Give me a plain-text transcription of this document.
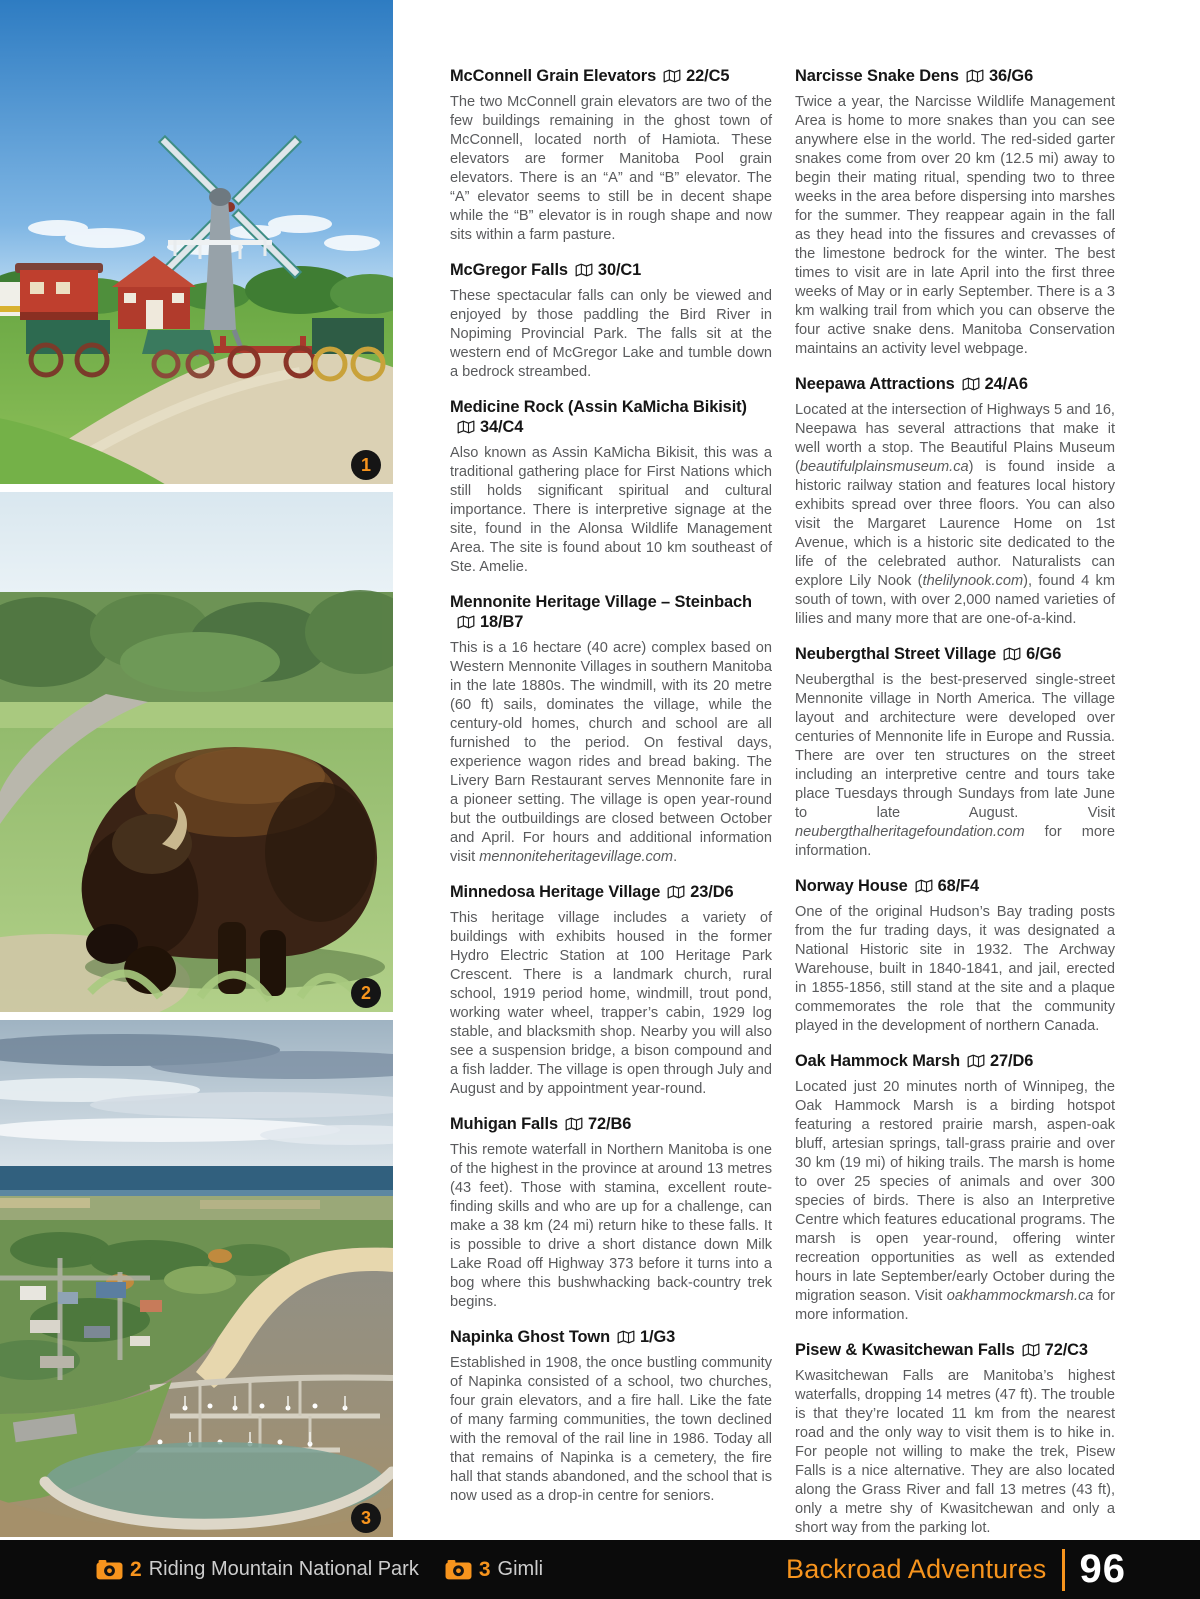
1
2
3
McConnell Grain Elevators 22/C5

The two McConnell grain elevators are two of the few buildings remaining in the ghost town of McConnell, located north of Hamiota. These elevators are former Manitoba Pool grain elevators. There is an “A” and “B” elevator. The “A” elevator seems to still be in decent shape while the “B” elevator is in rough shape and now sits within a farm pasture.

McGregor Falls 30/C1

These spectacular falls can only be viewed and enjoyed by those paddling the Bird River in Nopiming Provincial Park. The falls sit at the western end of McGregor Lake and tumble down a bedrock streambed.

Medicine Rock (Assin KaMicha Bikisit)34/C4

Also known as Assin KaMicha Bikisit, this was a traditional gathering place for First Nations which still holds significant spiritual and cultural importance. There is interpretive signage at the site, found in the Alonsa Wildlife Management Area. The site is found about 10 km southeast of Ste. Amelie.

Mennonite Heritage Village – Steinbach18/B7

This is a 16 hectare (40 acre) complex based on Western Mennonite Villages in southern Manitoba in the late 1880s. The windmill, with its 20 metre (60 ft) sails, dominates the village, while the century-old homes, church and school are all furnished to the period. On festival days, experience wagon rides and bread baking. The Livery Barn Restaurant serves Mennonite fare in a pioneer setting. The village is open year-round but the outbuildings are closed between October and April. For hours and additional information visit mennoniteheritagevillage.com.

Minnedosa Heritage Village 23/D6

This heritage village includes a variety of buildings with exhibits housed in the former Hydro Electric Station at 100 Heritage Park Crescent. There is a landmark church, rural school, 1919 period home, windmill, trout pond, working water wheel, trapper’s cabin, 1929 log stable, and blacksmith shop. Nearby you will also see a suspension bridge, a bison compound and a fish ladder. The village is open through July and August and by appointment year-round.

Muhigan Falls 72/B6

This remote waterfall in Northern Manitoba is one of the highest in the province at around 13 metres (43 feet). Those with stamina, excellent route-finding skills and who are up for a challenge, can make a 38 km (24 mi) return hike to these falls. It is possible to drive a short distance down Milk Lake Road off Highway 373 before it turns into a bog where this bushwhacking back-country trek begins.

Napinka Ghost Town 1/G3

Established in 1908, the once bustling community of Napinka consisted of a school, two churches, four grain elevators, and a fire hall. Like the fate of many farming communities, the town declined with the removal of the rail line in 1986. Today all that remains of Napinka is a cemetery, the fire hall that stands abandoned, and the school that is now used as a drop-in centre for seniors.

Narcisse Snake Dens 36/G6

Twice a year, the Narcisse Wildlife Management Area is home to more snakes than you can see anywhere else in the world. The red-sided garter snakes come from over 20 km (12.5 mi) away to begin their mating ritual, spending two to three weeks in the area before dispersing into marshes for the summer. They reappear again in the fall as they head into the fissures and crevasses of the limestone bedrock for the winter. The best times to visit are in late April into the first three weeks of May or in early September. There is a 3 km walking trail from which you can observe the four active snake dens. Manitoba Conservation maintains an activity level webpage.

Neepawa Attractions 24/A6

Located at the intersection of Highways 5 and 16, Neepawa has several attractions that make it well worth a stop. The Beautiful Plains Museum (beautifulplainsmuseum.ca) is found inside a historic railway station and features local history exhibits spread over three floors. You can also visit the Margaret Laurence Home on 1st Avenue, which is a historic site dedicated to the life of the celebrated author. Naturalists can explore Lily Nook (thelilynook.com), found 4 km south of town, with over 2,000 named varieties of lilies and many more that are one-of-a-kind.

Neubergthal Street Village 6/G6

Neubergthal is the best-preserved single-street Mennonite village in North America. The village layout and architecture were developed over centuries of Mennonite life in Europe and Russia. There are over ten structures on the street including an interpretive centre and tours take place Tuesdays through Sundays from late June to late August. Visit neubergthalheritagefoundation.com for more information.

Norway House 68/F4

One of the original Hudson’s Bay trading posts from the fur trading days, it was designated a National Historic site in 1932. The Archway Warehouse, built in 1840-1841, and jail, erected in 1855-1856, still stand at the site and a plaque commemorates the role that the community played in the development of northern Canada.

Oak Hammock Marsh 27/D6

Located just 20 minutes north of Winnipeg, the Oak Hammock Marsh is a birding hotspot featuring a restored prairie marsh, aspen-oak bluff, artesian springs, tall-grass prairie and over 30 km (19 mi) of hiking trails. The marsh is home to over 25 species of animals and over 300 species of birds. There is also an Interpretive Centre which features educational programs. The marsh is open year-round, offering winter recreation opportunities as well as extended hours in late September/early October during the migration season. Visit oakhammockmarsh.ca for more information.

Pisew & Kwasitchewan Falls 72/C3

Kwasitchewan Falls are Manitoba’s highest waterfalls, dropping 14 metres (47 ft). The trouble is that they’re located 11 km from the nearest road and the only way to visit them is to hike in. For people not willing to make the trek, Pisew Falls is a nice alternative. They are also located along the Grass River and fall 13 metres (43 ft), only a metre shy of Kwasitchewan and only a short way from the parking lot.

2 Riding Mountain National Park	3 Gimli	Backroad Adventures 96
